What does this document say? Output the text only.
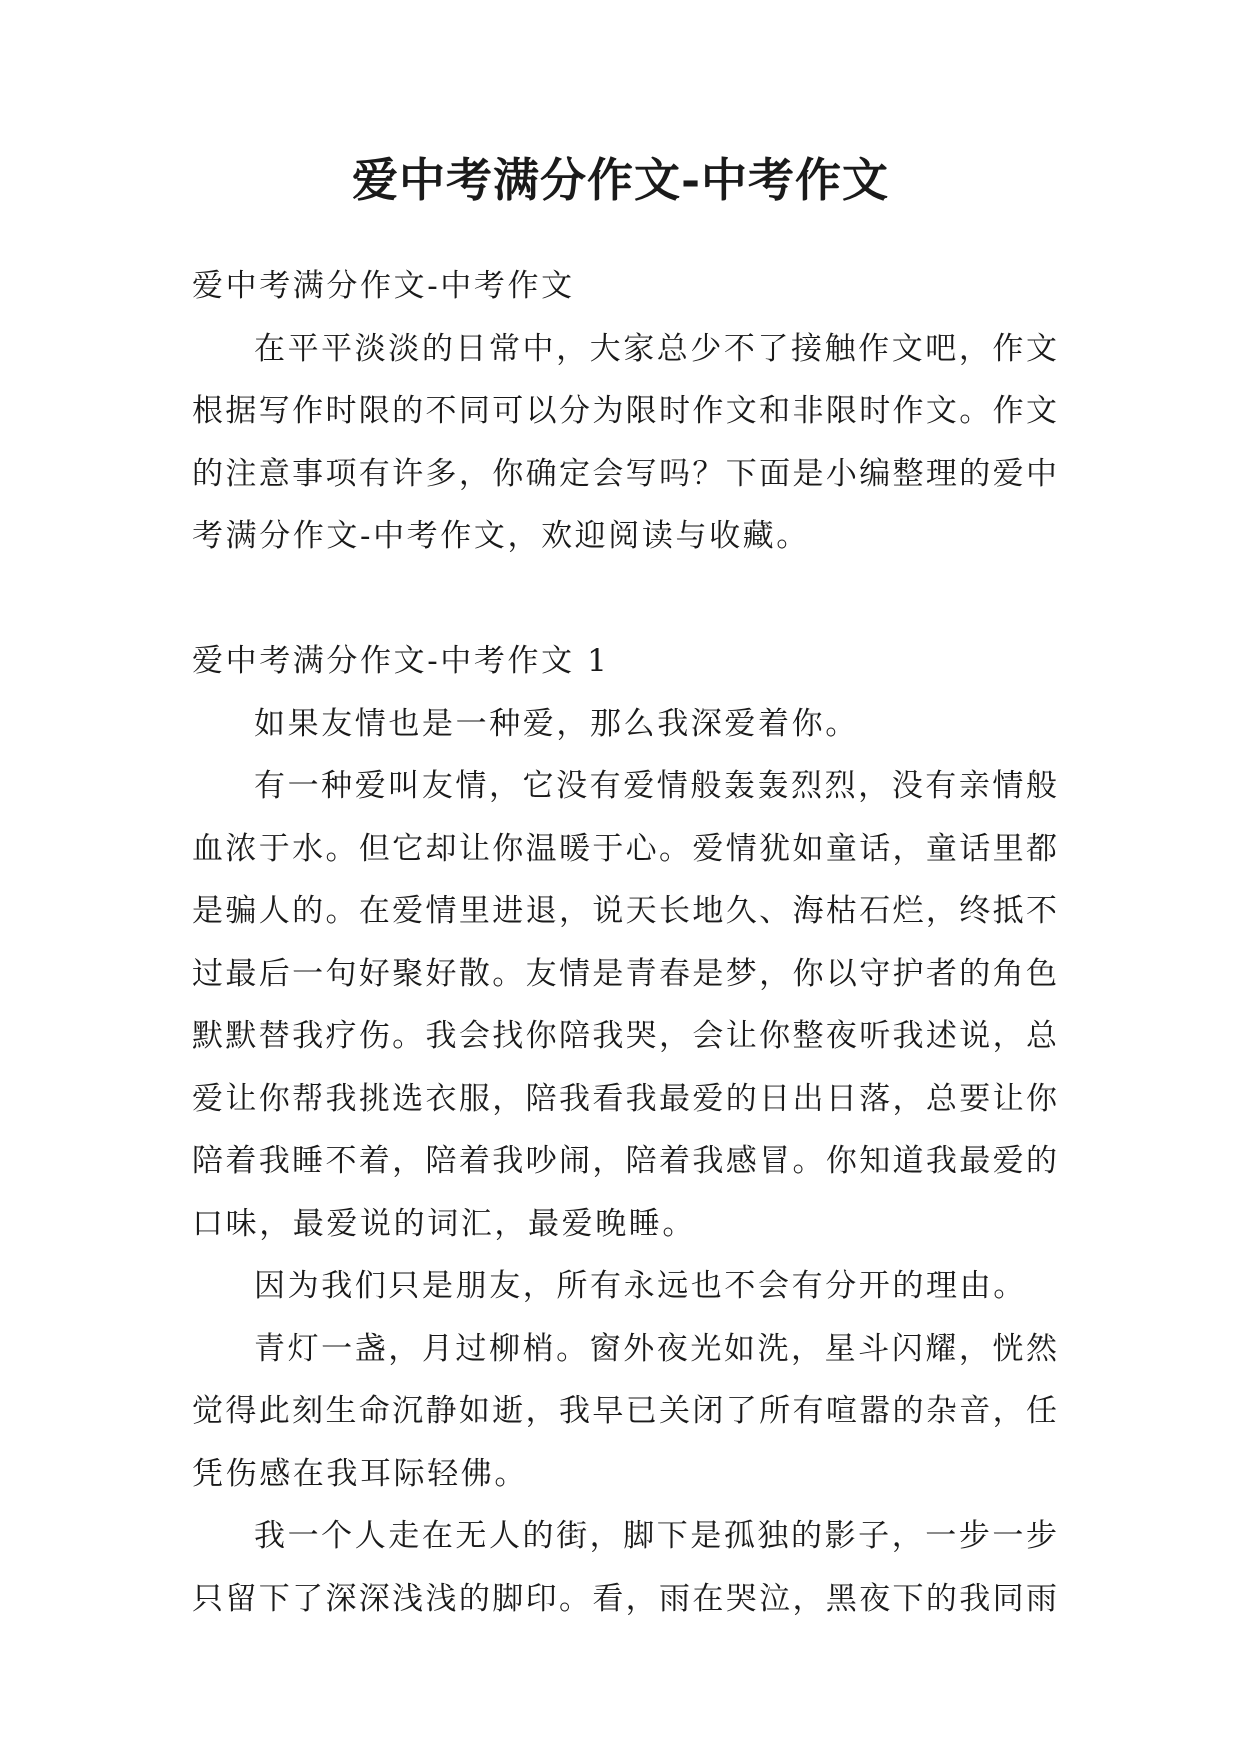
爱中考满分作文-中考作文

爱中考满分作文-中考作文

在平平淡淡的日常中，大家总少不了接触作文吧，作文

根据写作时限的不同可以分为限时作文和非限时作文。作文

的注意事项有许多，你确定会写吗？下面是小编整理的爱中

考满分作文-中考作文，欢迎阅读与收藏。

爱中考满分作文-中考作文 1

如果友情也是一种爱，那么我深爱着你。

有一种爱叫友情，它没有爱情般轰轰烈烈，没有亲情般

血浓于水。但它却让你温暖于心。爱情犹如童话，童话里都

是骗人的。在爱情里进退，说天长地久、海枯石烂，终抵不

过最后一句好聚好散。友情是青春是梦，你以守护者的角色

默默替我疗伤。我会找你陪我哭，会让你整夜听我述说，总

爱让你帮我挑选衣服，陪我看我最爱的日出日落，总要让你

陪着我睡不着，陪着我吵闹，陪着我感冒。你知道我最爱的

口味，最爱说的词汇，最爱晚睡。

因为我们只是朋友，所有永远也不会有分开的理由。

青灯一盏，月过柳梢。窗外夜光如洗，星斗闪耀，恍然

觉得此刻生命沉静如逝，我早已关闭了所有喧嚣的杂音，任

凭伤感在我耳际轻佛。

我一个人走在无人的街，脚下是孤独的影子，一步一步

只留下了深深浅浅的脚印。看，雨在哭泣，黑夜下的我同雨
